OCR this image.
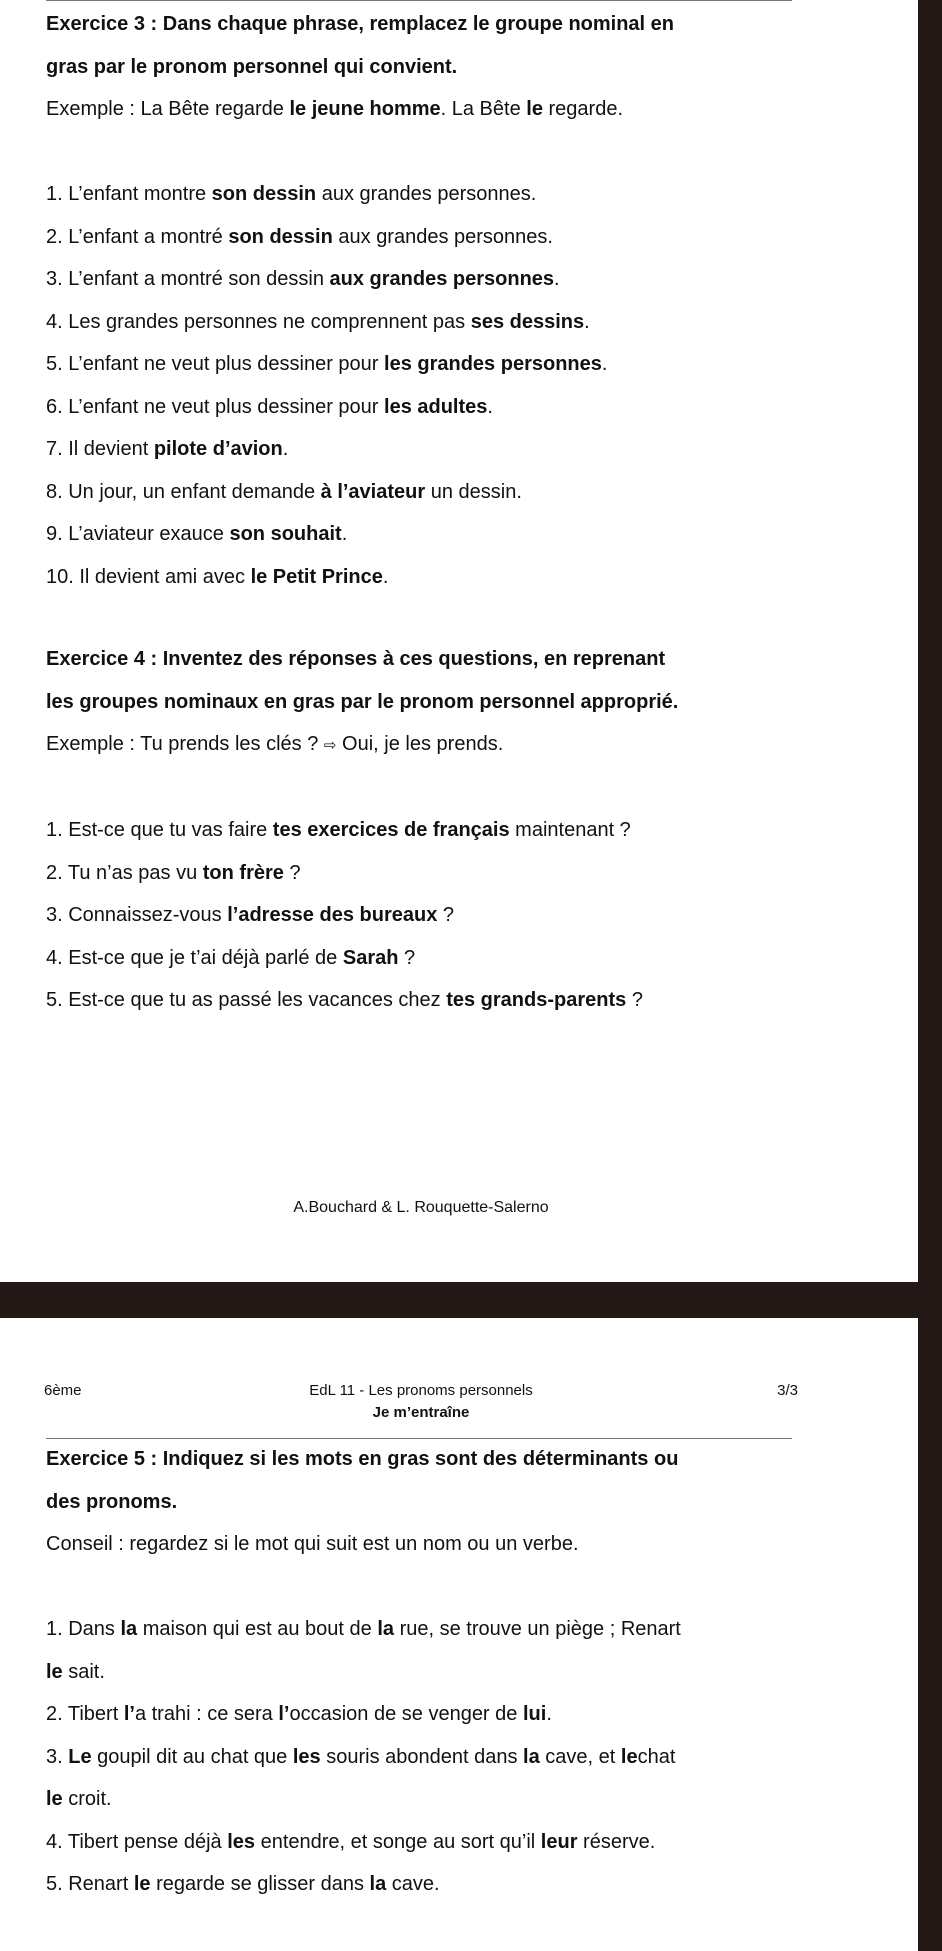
Exercice 3 : Dans chaque phrase, remplacez le groupe nominal en

gras par le pronom personnel qui convient.

Exemple : La Bête regarde le jeune homme. La Bête le regarde.

1. L’enfant montre son dessin aux grandes personnes.

2. L’enfant a montré son dessin aux grandes personnes.

3. L’enfant a montré son dessin aux grandes personnes.

4. Les grandes personnes ne comprennent pas ses dessins.

5. L’enfant ne veut plus dessiner pour les grandes personnes.

6. L’enfant ne veut plus dessiner pour les adultes.

7. Il devient pilote d’avion.

8. Un jour, un enfant demande à l’aviateur un dessin.

9. L’aviateur exauce son souhait.

10. Il devient ami avec le Petit Prince.

Exercice 4 : Inventez des réponses à ces questions, en reprenant

les groupes nominaux en gras par le pronom personnel approprié.

Exemple : Tu prends les clés ? ⇨ Oui, je les prends.

1. Est-ce que tu vas faire tes exercices de français maintenant ?

2. Tu n’as pas vu ton frère ?

3. Connaissez-vous l’adresse des bureaux ?

4. Est-ce que je t’ai déjà parlé de Sarah ?

5. Est-ce que tu as passé les vacances chez tes grands-parents ?

A.Bouchard & L. Rouquette-Salerno
6ème	EdL 11 - Les pronoms personnels
Je m’entraîne
3/3

Exercice 5 : Indiquez si les mots en gras sont des déterminants ou

des pronoms.

Conseil : regardez si le mot qui suit est un nom ou un verbe.

1. Dans la maison qui est au bout de la rue, se trouve un piège ; Renart

le sait.

2. Tibert l’a trahi : ce sera l’occasion de se venger de lui.

3. Le goupil dit au chat que les souris abondent dans la cave, et lechat

le croit.

4. Tibert pense déjà les entendre, et songe au sort qu’il leur réserve.

5. Renart le regarde se glisser dans la cave.
